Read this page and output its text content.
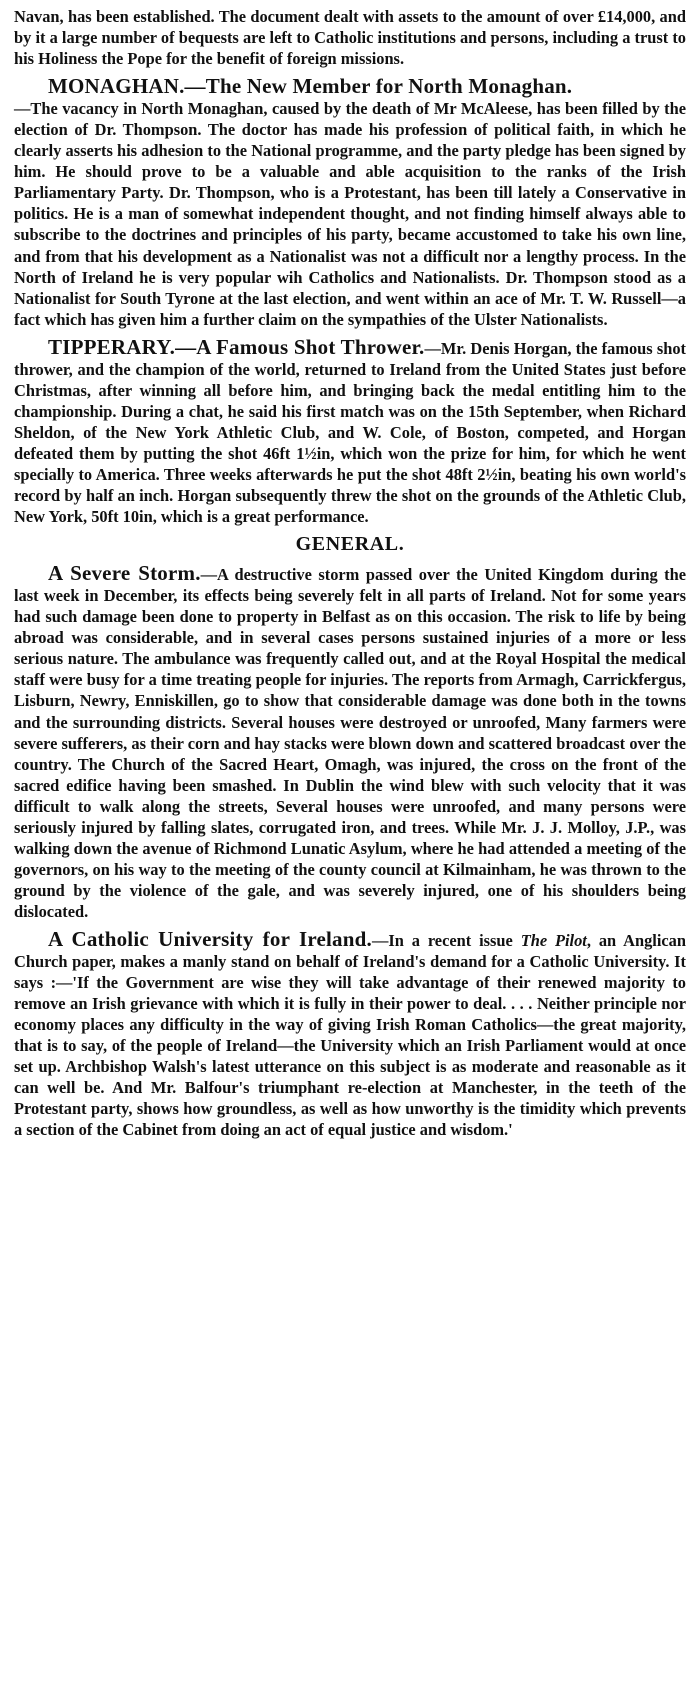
Navan, has been established. The document dealt with assets to the amount of over £14,000, and by it a large number of bequests are left to Catholic institutions and persons, including a trust to his Holiness the Pope for the benefit of foreign missions.

MONAGHAN.—The New Member for North Monaghan.
—The vacancy in North Monaghan, caused by the death of Mr McAleese, has been filled by the election of Dr. Thompson. The doctor has made his profession of political faith, in which he clearly asserts his adhesion to the National programme, and the party pledge has been signed by him. He should prove to be a valuable and able acquisition to the ranks of the Irish Parliamentary Party. Dr. Thompson, who is a Protestant, has been till lately a Conservative in politics. He is a man of somewhat independent thought, and not finding himself always able to subscribe to the doctrines and principles of his party, became accustomed to take his own line, and from that his development as a Nationalist was not a difficult nor a lengthy process. In the North of Ireland he is very popular wih Catholics and Nationalists. Dr. Thompson stood as a Nationalist for South Tyrone at the last election, and went within an ace of Mr. T. W. Russell—a fact which has given him a further claim on the sympathies of the Ulster Nationalists.

TIPPERARY.—A Famous Shot Thrower.—Mr. Denis Horgan, the famous shot thrower, and the champion of the world, returned to Ireland from the United States just before Christmas, after winning all before him, and bringing back the medal entitling him to the championship. During a chat, he said his first match was on the 15th September, when Richard Sheldon, of the New York Athletic Club, and W. Cole, of Boston, competed, and Horgan defeated them by putting the shot 46ft 1½in, which won the prize for him, for which he went specially to America. Three weeks afterwards he put the shot 48ft 2½in, beating his own world's record by half an inch. Horgan subsequently threw the shot on the grounds of the Athletic Club, New York, 50ft 10in, which is a great performance.

GENERAL.

A Severe Storm.—A destructive storm passed over the United Kingdom during the last week in December, its effects being severely felt in all parts of Ireland. Not for some years had such damage been done to property in Belfast as on this occasion. The risk to life by being abroad was considerable, and in several cases persons sustained injuries of a more or less serious nature. The ambulance was frequently called out, and at the Royal Hospital the medical staff were busy for a time treating people for injuries. The reports from Armagh, Carrickfergus, Lisburn, Newry, Enniskillen, go to show that considerable damage was done both in the towns and the surrounding districts. Several houses were destroyed or unroofed, Many farmers were severe sufferers, as their corn and hay stacks were blown down and scattered broadcast over the country. The Church of the Sacred Heart, Omagh, was injured, the cross on the front of the sacred edifice having been smashed. In Dublin the wind blew with such velocity that it was difficult to walk along the streets, Several houses were unroofed, and many persons were seriously injured by falling slates, corrugated iron, and trees. While Mr. J. J. Molloy, J.P., was walking down the avenue of Richmond Lunatic Asylum, where he had attended a meeting of the governors, on his way to the meeting of the county council at Kilmainham, he was thrown to the ground by the violence of the gale, and was severely injured, one of his shoulders being dislocated.

A Catholic University for Ireland.—In a recent issue The Pilot, an Anglican Church paper, makes a manly stand on behalf of Ireland's demand for a Catholic University. It says :—'If the Government are wise they will take advantage of their renewed majority to remove an Irish grievance with which it is fully in their power to deal. . . . Neither principle nor economy places any difficulty in the way of giving Irish Roman Catholics—the great majority, that is to say, of the people of Ireland—the University which an Irish Parliament would at once set up. Archbishop Walsh's latest utterance on this subject is as moderate and reasonable as it can well be. And Mr. Balfour's triumphant re-election at Manchester, in the teeth of the Protestant party, shows how groundless, as well as how unworthy is the timidity which prevents a section of the Cabinet from doing an act of equal justice and wisdom.'
